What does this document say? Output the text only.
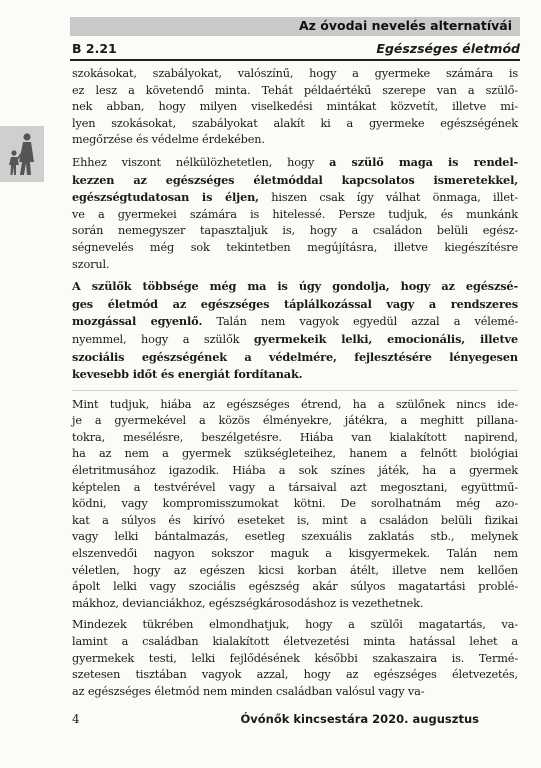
Az óvodai nevelés alternatívái
B 2.21	Egészséges életmód
szokásokat, szabályokat, valószínű, hogy a gyermeke számára is
ez lesz a követendő minta. Tehát példaértékű szerepe van a szülő-
nek abban, hogy milyen viselkedési mintákat közvetít, illetve mi-
lyen szokásokat, szabályokat alakít ki a gyermeke egészségének
megőrzése és védelme érdekében.
Ehhez viszont nélkülözhetetlen, hogy a szülő maga is rendel-
kezzen az egészséges életmóddal kapcsolatos ismeretekkel,
egészségtudatosan is éljen, hiszen csak így válhat önmaga, illet-
ve a gyermekei számára is hitelessé. Persze tudjuk, és munkánk
során nemegyszer tapasztaljuk is, hogy a családon belüli egész-
ségnevelés még sok tekintetben megújításra, illetve kiegészítésre
szorul.
A szülők többsége még ma is úgy gondolja, hogy az egészsé-
ges életmód az egészséges táplálkozással vagy a rendszeres
mozgással egyenlő. Talán nem vagyok egyedül azzal a vélemé-
nyemmel, hogy a szülők gyermekeik lelki, emocionális, illetve
szociális egészségének a védelmére, fejlesztésére lényegesen
kevesebb időt és energiát fordítanak.
Mint tudjuk, hiába az egészséges étrend, ha a szülőnek nincs ide-
je a gyermekével a közös élményekre, játékra, a meghitt pillana-
tokra, mesélésre, beszélgetésre. Hiába van kialakított napirend,
ha az nem a gyermek szükségleteihez, hanem a felnőtt biológiai
életritmusához igazodik. Hiába a sok színes játék, ha a gyermek
képtelen a testvérével vagy a társaival azt megosztani, együttmű-
ködni, vagy kompromisszumokat kötni. De sorolhatnám még azo-
kat a súlyos és kirívó eseteket is, mint a családon belüli fizikai
vagy lelki bántalmazás, esetleg szexuális zaklatás stb., melynek
elszenvedői nagyon sokszor maguk a kisgyermekek. Talán nem
véletlen, hogy az egészen kicsi korban átélt, illetve nem kellően
ápolt lelki vagy szociális egészség akár súlyos magatartási problé-
mákhoz, devianciákhoz, egészségkárosodáshoz is vezethetnek.
Mindezek tükrében elmondhatjuk, hogy a szülői magatartás, va-
lamint a családban kialakított életvezetési minta hatással lehet a
gyermekek testi, lelki fejlődésének későbbi szakaszaira is. Termé-
szetesen tisztában vagyok azzal, hogy az egészséges életvezetés,
az egészséges életmód nem minden családban valósul vagy va-
4	Óvónők kincsestára 2020. augusztus
